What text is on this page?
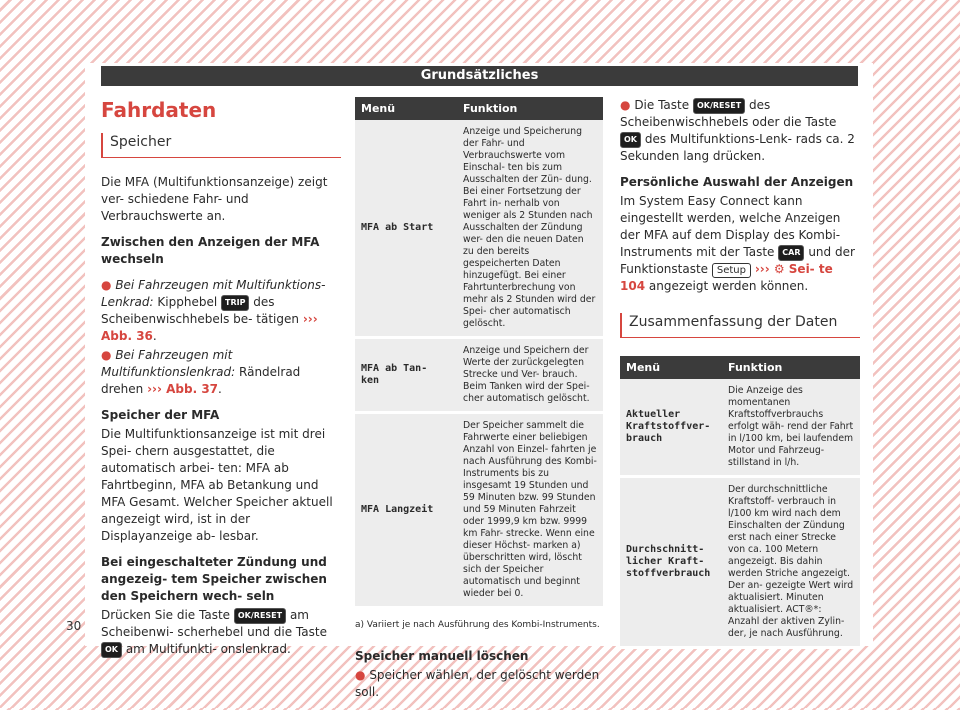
Grundsätzliches
Fahrdaten
Speicher

Die MFA (Multifunktionsanzeige) zeigt ver- schiedene Fahr- und Verbrauchswerte an.

Zwischen den Anzeigen der MFA wechseln

● Bei Fahrzeugen mit Multifunktions-Lenkrad: Kipphebel TRIP des Scheibenwischhebels be- tätigen ››› Abb. 36.

● Bei Fahrzeugen mit Multifunktionslenkrad: Rändelrad drehen ››› Abb. 37.

Speicher der MFA

Die Multifunktionsanzeige ist mit drei Spei- chern ausgestattet, die automatisch arbei- ten: MFA ab Fahrtbeginn, MFA ab Betankung und MFA Gesamt. Welcher Speicher aktuell angezeigt wird, ist in der Displayanzeige ab- lesbar.

Bei eingeschalteter Zündung und angezeig- tem Speicher zwischen den Speichern wech- seln

Drücken Sie die Taste OK/RESET am Scheibenwi- scherhebel und die Taste OK am Multifunkti- onslenkrad.

Menü	Funktion
MFA ab Start	Anzeige und Speicherung der Fahr- und Verbrauchswerte vom Einschal- ten bis zum Ausschalten der Zün- dung. Bei einer Fortsetzung der Fahrt in- nerhalb von weniger als 2 Stunden nach Ausschalten der Zündung wer- den die neuen Daten zu den bereits gespeicherten Daten hinzugefügt. Bei einer Fahrtunterbrechung von mehr als 2 Stunden wird der Spei- cher automatisch gelöscht.
MFA ab Tan- ken	Anzeige und Speichern der Werte der zurückgelegten Strecke und Ver- brauch. Beim Tanken wird der Spei- cher automatisch gelöscht.
MFA Langzeit	Der Speicher sammelt die Fahrwerte einer beliebigen Anzahl von Einzel- fahrten je nach Ausführung des Kombi-Instruments bis zu insgesamt 19 Stunden und 59 Minuten bzw. 99 Stunden und 59 Minuten Fahrzeit oder 1999,9 km bzw. 9999 km Fahr- strecke. Wenn eine dieser Höchst- marken a) überschritten wird, löscht sich der Speicher automatisch und beginnt wieder bei 0.
a) Variiert je nach Ausführung des Kombi-Instruments.

Speicher manuell löschen

● Speicher wählen, der gelöscht werden soll.

● Die Taste OK/RESET des Scheibenwischhebels oder die Taste OK des Multifunktions-Lenk- rads ca. 2 Sekunden lang drücken.

Persönliche Auswahl der Anzeigen

Im System Easy Connect kann eingestellt werden, welche Anzeigen der MFA auf dem Display des Kombi-Instruments mit der Taste CAR und der Funktionstaste Setup ››› ⚙ Sei- te 104 angezeigt werden können.

Zusammenfassung der Daten
Menü	Funktion
Aktueller Kraftstoffver- brauch	Die Anzeige des momentanen Kraftstoffverbrauchs erfolgt wäh- rend der Fahrt in l/100 km, bei laufendem Motor und Fahrzeug- stillstand in l/h.
Durchschnitt- licher Kraft- stoffverbrauch	Der durchschnittliche Kraftstoff- verbrauch in l/100 km wird nach dem Einschalten der Zündung erst nach einer Strecke von ca. 100 Metern angezeigt. Bis dahin werden Striche angezeigt. Der an- gezeigte Wert wird aktualisiert. Minuten aktualisiert. ACT®*: Anzahl der aktiven Zylin- der, je nach Ausführung.
30
